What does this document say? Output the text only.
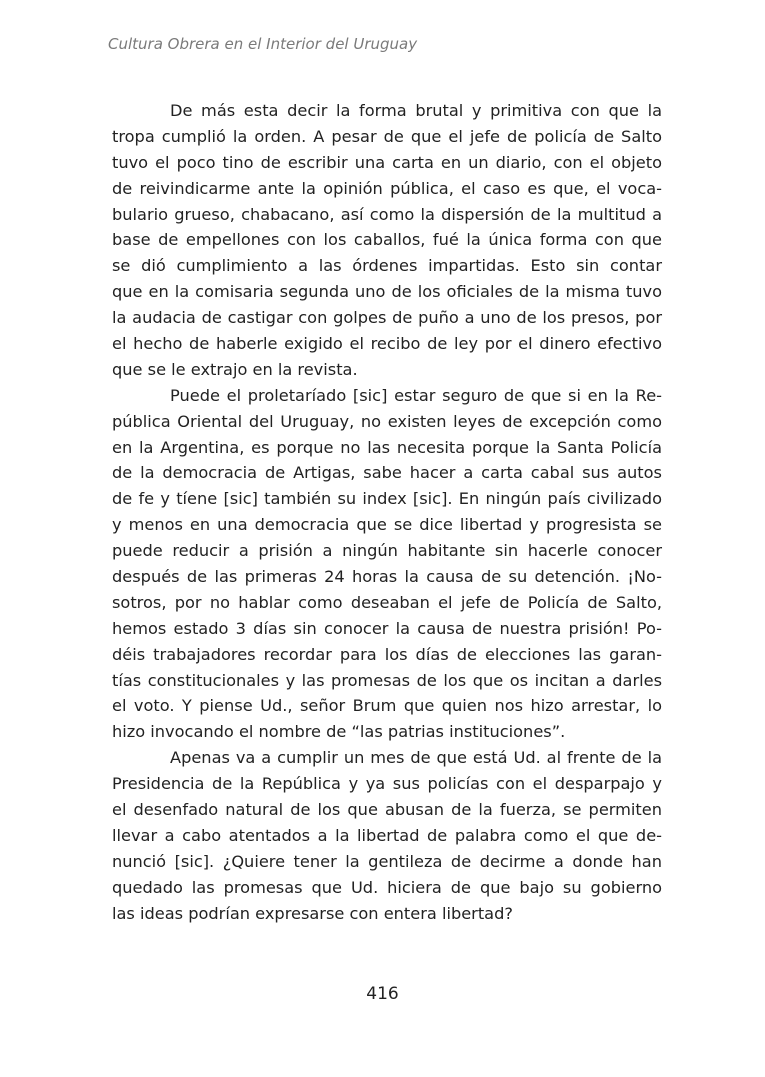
Cultura Obrera en el Interior del Uruguay
De más esta decir la forma brutal y primitiva con que la
tropa cumplió la orden. A pesar de que el jefe de policía de Salto
tuvo el poco tino de escribir una carta en un diario, con el objeto
de reivindicarme ante la opinión pública, el caso es que, el voca-
bulario grueso, chabacano, así como la dispersión de la multitud a
base de empellones con los caballos, fué la única forma con que
se dió cumplimiento a las órdenes impartidas. Esto sin contar
que en la comisaria segunda uno de los oficiales de la misma tuvo
la audacia de castigar con golpes de puño a uno de los presos, por
el hecho de haberle exigido el recibo de ley por el dinero efectivo
que se le extrajo en la revista.
Puede el proletaríado [sic] estar seguro de que si en la Re-
pública Oriental del Uruguay, no existen leyes de excepción como
en la Argentina, es porque no las necesita porque la Santa Policía
de la democracia de Artigas, sabe hacer a carta cabal sus autos
de fe y tíene [sic] también su index [sic]. En ningún país civilizado
y menos en una democracia que se dice libertad y progresista se
puede reducir a prisión a ningún habitante sin hacerle conocer
después de las primeras 24 horas la causa de su detención. ¡No-
sotros, por no hablar como deseaban el jefe de Policía de Salto,
hemos estado 3 días sin conocer la causa de nuestra prisión! Po-
déis trabajadores recordar para los días de elecciones las garan-
tías constitucionales y las promesas de los que os incitan a darles
el voto. Y piense Ud., señor Brum que quien nos hizo arrestar, lo
hizo invocando el nombre de “las patrias instituciones”.
Apenas va a cumplir un mes de que está Ud. al frente de la
Presidencia de la República y ya sus policías con el desparpajo y
el desenfado natural de los que abusan de la fuerza, se permiten
llevar a cabo atentados a la libertad de palabra como el que de-
nunció [sic]. ¿Quiere tener la gentileza de decirme a donde han
quedado las promesas que Ud. hiciera de que bajo su gobierno
las ideas podrían expresarse con entera libertad?
416
